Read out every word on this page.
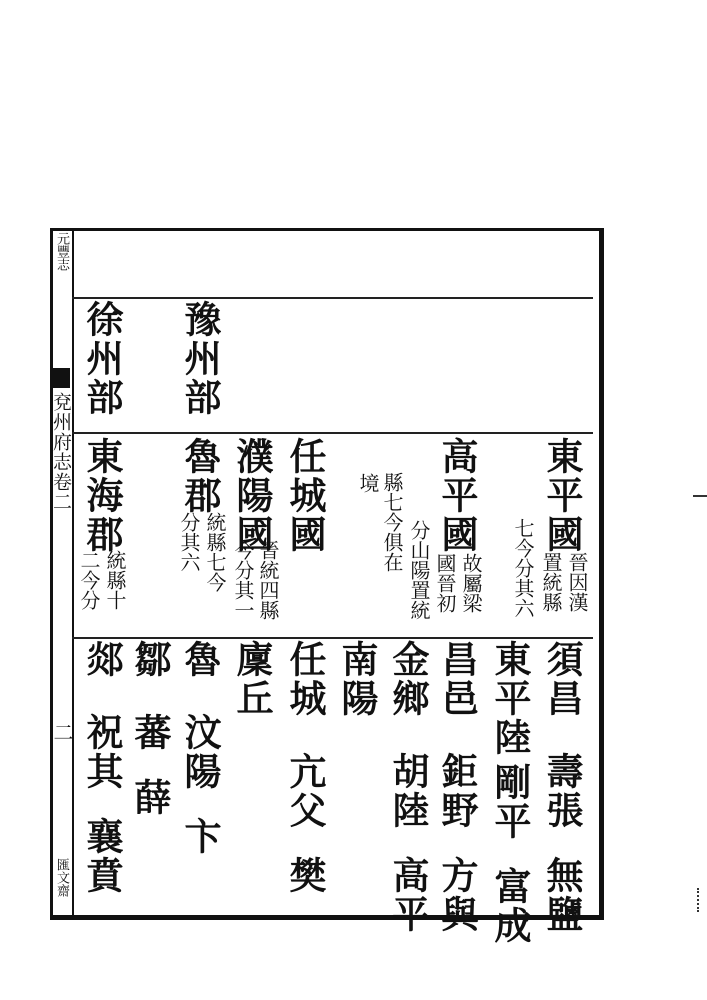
元豐志
兗州府志卷二
二
匯文齋
徐州部 豫州部
東平國
晉因漢
置統縣
七今分其六
高平國
故屬梁
國晉初
分山陽置統
縣七今俱在
境
任城國
濮陽國
晉統四縣
今分其一
魯郡
統縣七今
分其六
東海郡
統縣十
二今分
須昌壽張無鹽
東平陸剛平富成
昌邑鉅野方與
金鄉胡陸高平
南陽
任城亢父樊
廩丘
魯汶陽卞
鄒蕃薛
郯祝其襄賁
